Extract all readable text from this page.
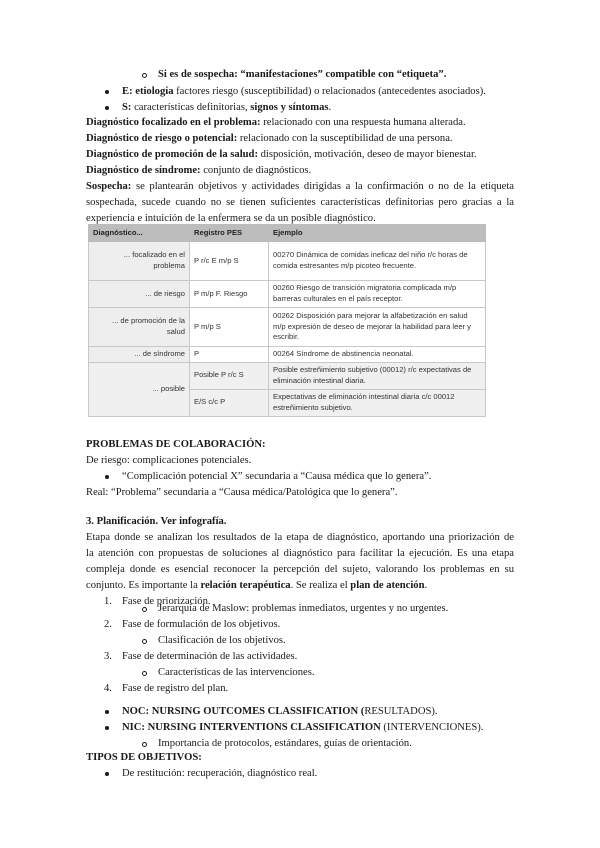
Si es de sospecha: “manifestaciones” compatible con “etiqueta”.
E: etiología factores riesgo (susceptibilidad) o relacionados (antecedentes asociados).
S: características definitorias, signos y síntomas.
Diagnóstico focalizado en el problema: relacionado con una respuesta humana alterada.
Diagnóstico de riesgo o potencial: relacionado con la susceptibilidad de una persona.
Diagnóstico de promoción de la salud: disposición, motivación, deseo de mayor bienestar.
Diagnóstico de síndrome: conjunto de diagnósticos.
Sospecha: se plantearán objetivos y actividades dirigidas a la confirmación o no de la etiqueta
sospechada, sucede cuando no se tienen suficientes características definitorias pero gracias a la
experiencia e intuición de la enfermera se da un posible diagnóstico.
Diagnóstico...	Registro PES	Ejemplo
... focalizado en el problema	P r/c E m/p S	00270 Dinámica de comidas ineficaz del niño r/c horas de comida estresantes m/p picoteo frecuente.
... de riesgo	P m/p F. Riesgo	00260 Riesgo de transición migratoria complicada m/p barreras culturales en el país receptor.
... de promoción de la salud	P m/p S	00262 Disposición para mejorar la alfabetización en salud m/p expresión de deseo de mejorar la habilidad para leer y escribir.
... de síndrome	P	00264 Síndrome de abstinencia neonatal.
... posible	Posible P r/c S	Posible estreñimiento subjetivo (00012) r/c expectativas de eliminación intestinal diaria.
	E/S c/c P	Expectativas de eliminación intestinal diaria c/c 00012 estreñimiento subjetivo.
PROBLEMAS DE COLABORACIÓN:
De riesgo: complicaciones potenciales.
“Complicación potencial X” secundaria a “Causa médica que lo genera”.
Real: “Problema” secundaria a “Causa médica/Patológica que lo genera”.
3. Planificación. Ver infografía.
Etapa donde se analizan los resultados de la etapa de diagnóstico, aportando una priorización de
la atención con propuestas de soluciones al diagnóstico para facilitar la ejecución. Es una etapa
compleja donde es esencial reconocer la percepción del sujeto, valorando los problemas en su
conjunto. Es importante la relación terapéutica. Se realiza el plan de atención.
1. Fase de priorización.
Jerarquía de Maslow: problemas inmediatos, urgentes y no urgentes.
2. Fase de formulación de los objetivos.
Clasificación de los objetivos.
3. Fase de determinación de las actividades.
Características de las intervenciones.
4. Fase de registro del plan.
NOC: NURSING OUTCOMES CLASSIFICATION (RESULTADOS).
NIC: NURSING INTERVENTIONS CLASSIFICATION (INTERVENCIONES).
Importancia de protocolos, estándares, guías de orientación.
TIPOS DE OBJETIVOS:
De restitución: recuperación, diagnóstico real.
